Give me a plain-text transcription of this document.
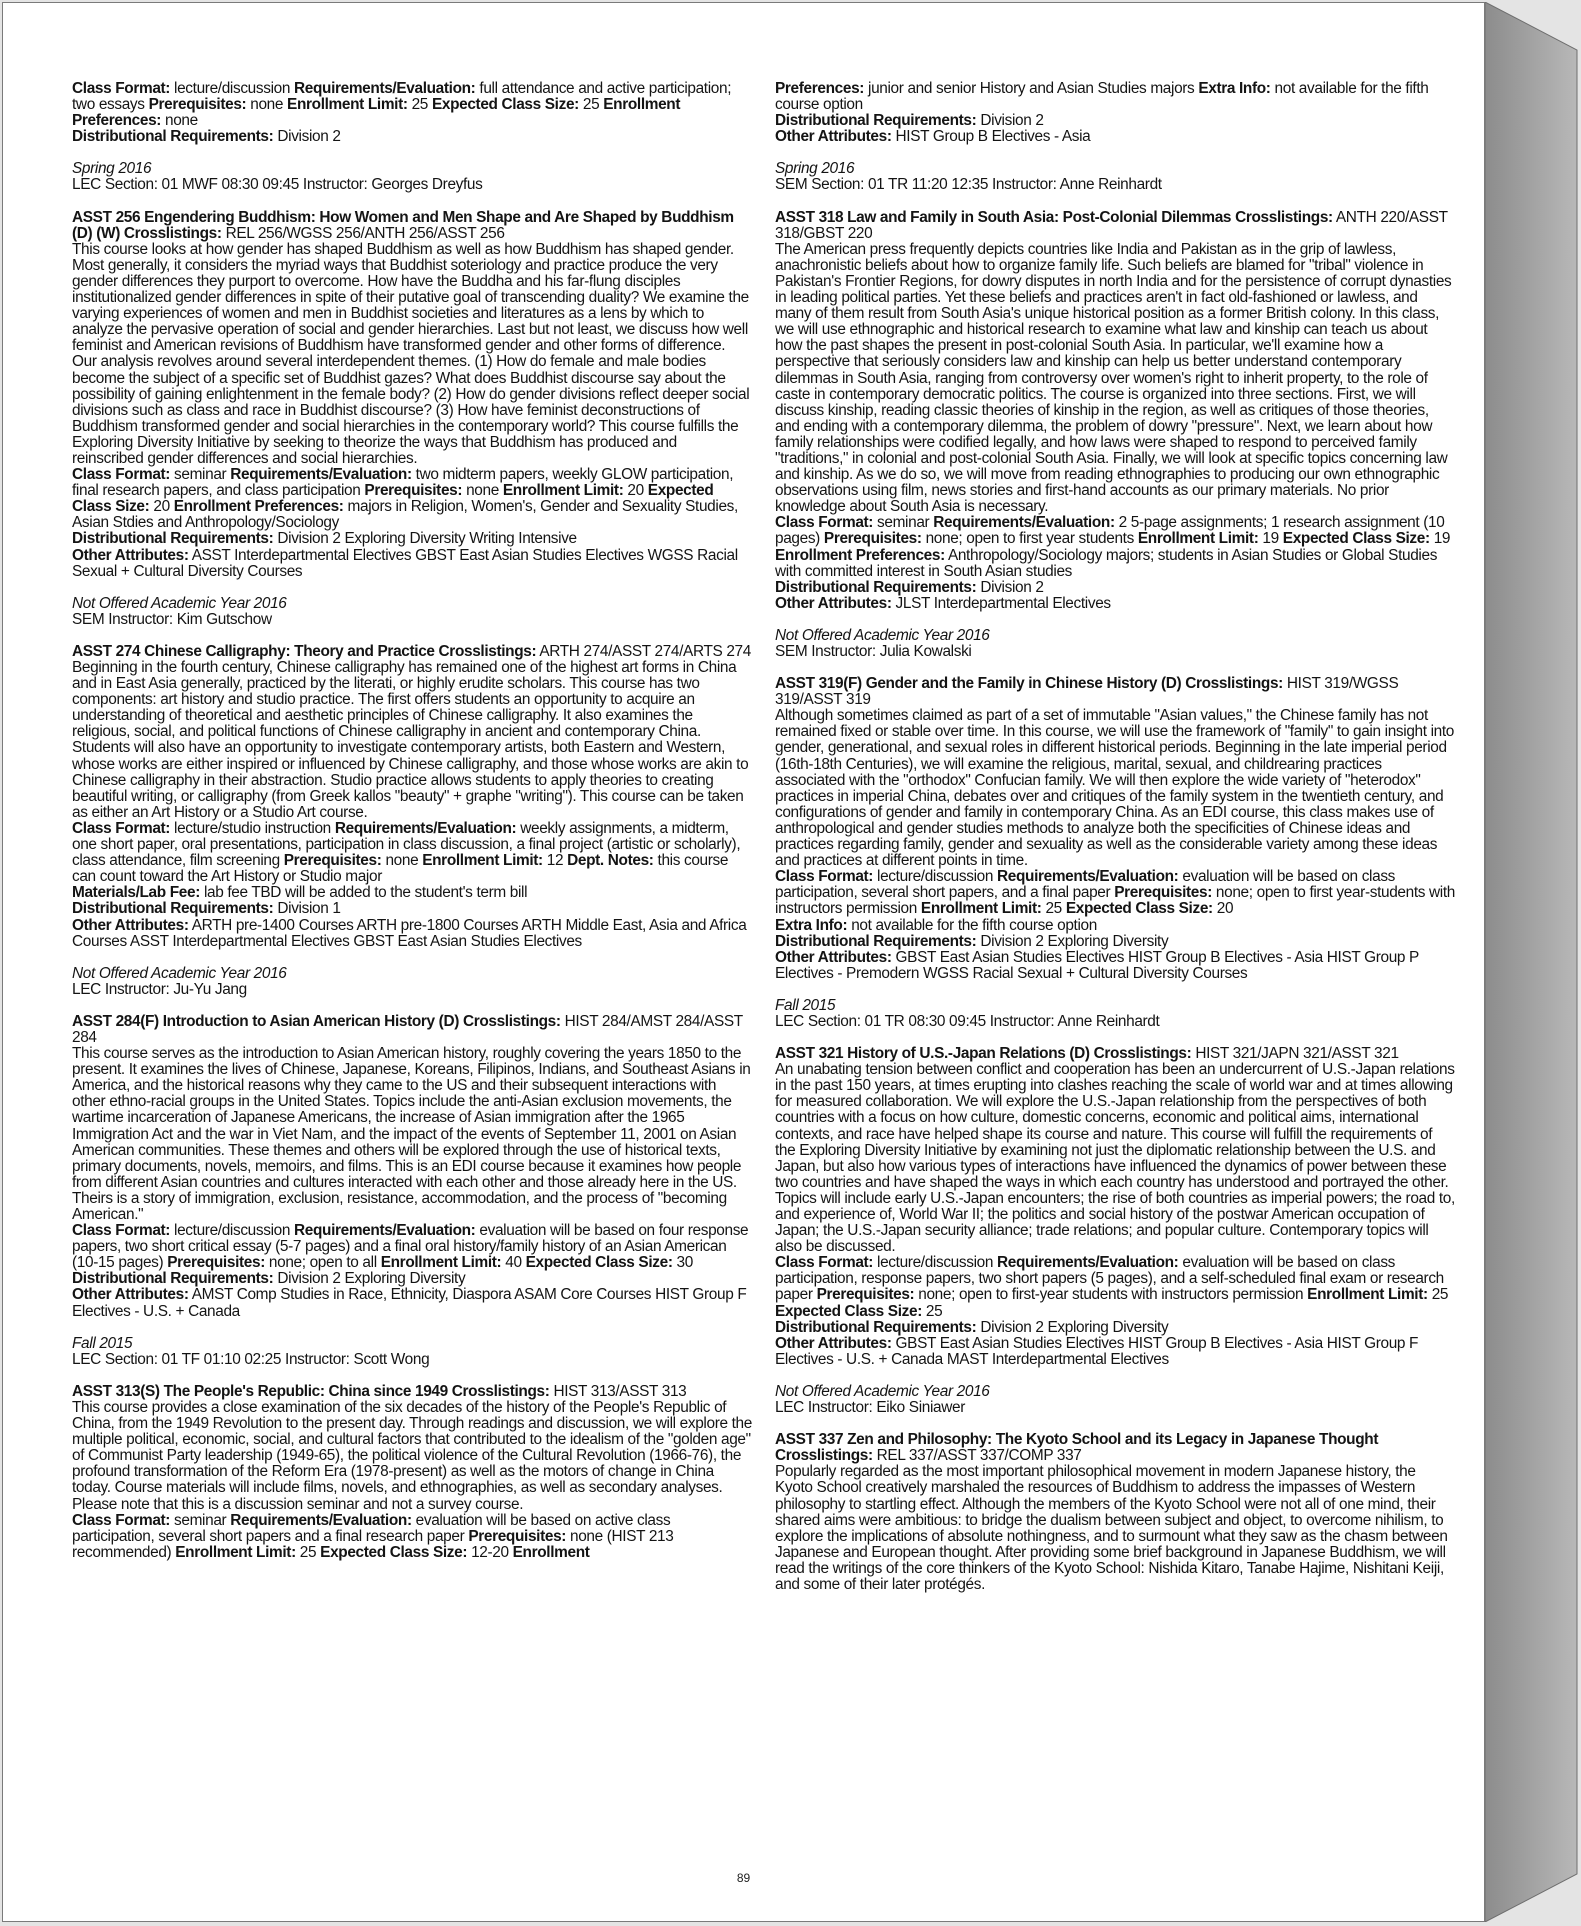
Class Format: lecture/discussion Requirements/Evaluation: full attendance and active participation; two essays Prerequisites: none Enrollment Limit: 25 Expected Class Size: 25 Enrollment Preferences: none
Distributional Requirements: Division 2

Spring 2016
LEC Section: 01 MWF 08:30 09:45 Instructor: Georges Dreyfus

ASST 256 Engendering Buddhism: How Women and Men Shape and Are Shaped by Buddhism (D) (W) Crosslistings: REL 256/WGSS 256/ANTH 256/ASST 256
This course looks at how gender has shaped Buddhism as well as how Buddhism has shaped gender. Most generally, it considers the myriad ways that Buddhist soteriology and practice produce the very gender differences they purport to overcome. How have the Buddha and his far-flung disciples institutionalized gender differences in spite of their putative goal of transcending duality? We examine the varying experiences of women and men in Buddhist societies and literatures as a lens by which to analyze the pervasive operation of social and gender hierarchies. Last but not least, we discuss how well feminist and American revisions of Buddhism have transformed gender and other forms of difference. Our analysis revolves around several interdependent themes. (1) How do female and male bodies become the subject of a specific set of Buddhist gazes? What does Buddhist discourse say about the possibility of gaining enlightenment in the female body? (2) How do gender divisions reflect deeper social divisions such as class and race in Buddhist discourse? (3) How have feminist deconstructions of Buddhism transformed gender and social hierarchies in the contemporary world? This course fulfills the Exploring Diversity Initiative by seeking to theorize the ways that Buddhism has produced and reinscribed gender differences and social hierarchies.
Class Format: seminar Requirements/Evaluation: two midterm papers, weekly GLOW participation, final research papers, and class participation Prerequisites: none Enrollment Limit: 20 Expected Class Size: 20 Enrollment Preferences: majors in Religion, Women's, Gender and Sexuality Studies, Asian Stdies and Anthropology/Sociology
Distributional Requirements: Division 2 Exploring Diversity Writing Intensive
Other Attributes: ASST Interdepartmental Electives GBST East Asian Studies Electives WGSS Racial Sexual + Cultural Diversity Courses

Not Offered Academic Year 2016
SEM Instructor: Kim Gutschow

ASST 274 Chinese Calligraphy: Theory and Practice Crosslistings: ARTH 274/ASST 274/ARTS 274
Beginning in the fourth century, Chinese calligraphy has remained one of the highest art forms in China and in East Asia generally, practiced by the literati, or highly erudite scholars. This course has two components: art history and studio practice. The first offers students an opportunity to acquire an understanding of theoretical and aesthetic principles of Chinese calligraphy. It also examines the religious, social, and political functions of Chinese calligraphy in ancient and contemporary China. Students will also have an opportunity to investigate contemporary artists, both Eastern and Western, whose works are either inspired or influenced by Chinese calligraphy, and those whose works are akin to Chinese calligraphy in their abstraction. Studio practice allows students to apply theories to creating beautiful writing, or calligraphy (from Greek kallos "beauty" + graphe "writing"). This course can be taken as either an Art History or a Studio Art course.
Class Format: lecture/studio instruction Requirements/Evaluation: weekly assignments, a midterm, one short paper, oral presentations, participation in class discussion, a final project (artistic or scholarly), class attendance, film screening Prerequisites: none Enrollment Limit: 12 Dept. Notes: this course can count toward the Art History or Studio major
Materials/Lab Fee: lab fee TBD will be added to the student's term bill
Distributional Requirements: Division 1
Other Attributes: ARTH pre-1400 Courses ARTH pre-1800 Courses ARTH Middle East, Asia and Africa Courses ASST Interdepartmental Electives GBST East Asian Studies Electives

Not Offered Academic Year 2016
LEC Instructor: Ju-Yu Jang

ASST 284(F) Introduction to Asian American History (D) Crosslistings: HIST 284/AMST 284/ASST 284
This course serves as the introduction to Asian American history, roughly covering the years 1850 to the present. It examines the lives of Chinese, Japanese, Koreans, Filipinos, Indians, and Southeast Asians in America, and the historical reasons why they came to the US and their subsequent interactions with other ethno-racial groups in the United States. Topics include the anti-Asian exclusion movements, the wartime incarceration of Japanese Americans, the increase of Asian immigration after the 1965 Immigration Act and the war in Viet Nam, and the impact of the events of September 11, 2001 on Asian American communities. These themes and others will be explored through the use of historical texts, primary documents, novels, memoirs, and films. This is an EDI course because it examines how people from different Asian countries and cultures interacted with each other and those already here in the US. Theirs is a story of immigration, exclusion, resistance, accommodation, and the process of "becoming American."
Class Format: lecture/discussion Requirements/Evaluation: evaluation will be based on four response papers, two short critical essay (5-7 pages) and a final oral history/family history of an Asian American (10-15 pages) Prerequisites: none; open to all Enrollment Limit: 40 Expected Class Size: 30
Distributional Requirements: Division 2 Exploring Diversity
Other Attributes: AMST Comp Studies in Race, Ethnicity, Diaspora ASAM Core Courses HIST Group F Electives - U.S. + Canada

Fall 2015
LEC Section: 01 TF 01:10 02:25 Instructor: Scott Wong

ASST 313(S) The People's Republic: China since 1949 Crosslistings: HIST 313/ASST 313
This course provides a close examination of the six decades of the history of the People's Republic of China, from the 1949 Revolution to the present day. Through readings and discussion, we will explore the multiple political, economic, social, and cultural factors that contributed to the idealism of the "golden age" of Communist Party leadership (1949-65), the political violence of the Cultural Revolution (1966-76), the profound transformation of the Reform Era (1978-present) as well as the motors of change in China today. Course materials will include films, novels, and ethnographies, as well as secondary analyses. Please note that this is a discussion seminar and not a survey course.
Class Format: seminar Requirements/Evaluation: evaluation will be based on active class participation, several short papers and a final research paper Prerequisites: none (HIST 213 recommended) Enrollment Limit: 25 Expected Class Size: 12-20 Enrollment

Preferences: junior and senior History and Asian Studies majors Extra Info: not available for the fifth course option
Distributional Requirements: Division 2
Other Attributes: HIST Group B Electives - Asia

Spring 2016
SEM Section: 01 TR 11:20 12:35 Instructor: Anne Reinhardt

ASST 318 Law and Family in South Asia: Post-Colonial Dilemmas Crosslistings: ANTH 220/ASST 318/GBST 220
The American press frequently depicts countries like India and Pakistan as in the grip of lawless, anachronistic beliefs about how to organize family life. Such beliefs are blamed for "tribal" violence in Pakistan's Frontier Regions, for dowry disputes in north India and for the persistence of corrupt dynasties in leading political parties. Yet these beliefs and practices aren't in fact old-fashioned or lawless, and many of them result from South Asia's unique historical position as a former British colony. In this class, we will use ethnographic and historical research to examine what law and kinship can teach us about how the past shapes the present in post-colonial South Asia. In particular, we'll examine how a perspective that seriously considers law and kinship can help us better understand contemporary dilemmas in South Asia, ranging from controversy over women's right to inherit property, to the role of caste in contemporary democratic politics. The course is organized into three sections. First, we will discuss kinship, reading classic theories of kinship in the region, as well as critiques of those theories, and ending with a contemporary dilemma, the problem of dowry "pressure". Next, we learn about how family relationships were codified legally, and how laws were shaped to respond to perceived family "traditions," in colonial and post-colonial South Asia. Finally, we will look at specific topics concerning law and kinship. As we do so, we will move from reading ethnographies to producing our own ethnographic observations using film, news stories and first-hand accounts as our primary materials. No prior knowledge about South Asia is necessary.
Class Format: seminar Requirements/Evaluation: 2 5-page assignments; 1 research assignment (10 pages) Prerequisites: none; open to first year students Enrollment Limit: 19 Expected Class Size: 19 Enrollment Preferences: Anthropology/Sociology majors; students in Asian Studies or Global Studies with committed interest in South Asian studies
Distributional Requirements: Division 2
Other Attributes: JLST Interdepartmental Electives

Not Offered Academic Year 2016
SEM Instructor: Julia Kowalski

ASST 319(F) Gender and the Family in Chinese History (D) Crosslistings: HIST 319/WGSS 319/ASST 319
Although sometimes claimed as part of a set of immutable "Asian values," the Chinese family has not remained fixed or stable over time. In this course, we will use the framework of "family" to gain insight into gender, generational, and sexual roles in different historical periods. Beginning in the late imperial period (16th-18th Centuries), we will examine the religious, marital, sexual, and childrearing practices associated with the "orthodox" Confucian family. We will then explore the wide variety of "heterodox" practices in imperial China, debates over and critiques of the family system in the twentieth century, and configurations of gender and family in contemporary China. As an EDI course, this class makes use of anthropological and gender studies methods to analyze both the specificities of Chinese ideas and practices regarding family, gender and sexuality as well as the considerable variety among these ideas and practices at different points in time.
Class Format: lecture/discussion Requirements/Evaluation: evaluation will be based on class participation, several short papers, and a final paper Prerequisites: none; open to first year-students with instructors permission Enrollment Limit: 25 Expected Class Size: 20
Extra Info: not available for the fifth course option
Distributional Requirements: Division 2 Exploring Diversity
Other Attributes: GBST East Asian Studies Electives HIST Group B Electives - Asia HIST Group P Electives - Premodern WGSS Racial Sexual + Cultural Diversity Courses

Fall 2015
LEC Section: 01 TR 08:30 09:45 Instructor: Anne Reinhardt

ASST 321 History of U.S.-Japan Relations (D) Crosslistings: HIST 321/JAPN 321/ASST 321
An unabating tension between conflict and cooperation has been an undercurrent of U.S.-Japan relations in the past 150 years, at times erupting into clashes reaching the scale of world war and at times allowing for measured collaboration. We will explore the U.S.-Japan relationship from the perspectives of both countries with a focus on how culture, domestic concerns, economic and political aims, international contexts, and race have helped shape its course and nature. This course will fulfill the requirements of the Exploring Diversity Initiative by examining not just the diplomatic relationship between the U.S. and Japan, but also how various types of interactions have influenced the dynamics of power between these two countries and have shaped the ways in which each country has understood and portrayed the other. Topics will include early U.S.-Japan encounters; the rise of both countries as imperial powers; the road to, and experience of, World War II; the politics and social history of the postwar American occupation of Japan; the U.S.-Japan security alliance; trade relations; and popular culture. Contemporary topics will also be discussed.
Class Format: lecture/discussion Requirements/Evaluation: evaluation will be based on class participation, response papers, two short papers (5 pages), and a self-scheduled final exam or research paper Prerequisites: none; open to first-year students with instructors permission Enrollment Limit: 25 Expected Class Size: 25
Distributional Requirements: Division 2 Exploring Diversity
Other Attributes: GBST East Asian Studies Electives HIST Group B Electives - Asia HIST Group F Electives - U.S. + Canada MAST Interdepartmental Electives

Not Offered Academic Year 2016
LEC Instructor: Eiko Siniawer

ASST 337 Zen and Philosophy: The Kyoto School and its Legacy in Japanese Thought
Crosslistings: REL 337/ASST 337/COMP 337
Popularly regarded as the most important philosophical movement in modern Japanese history, the Kyoto School creatively marshaled the resources of Buddhism to address the impasses of Western philosophy to startling effect. Although the members of the Kyoto School were not all of one mind, their shared aims were ambitious: to bridge the dualism between subject and object, to overcome nihilism, to explore the implications of absolute nothingness, and to surmount what they saw as the chasm between Japanese and European thought. After providing some brief background in Japanese Buddhism, we will read the writings of the core thinkers of the Kyoto School: Nishida Kitaro, Tanabe Hajime, Nishitani Keiji, and some of their later protégés.

89
